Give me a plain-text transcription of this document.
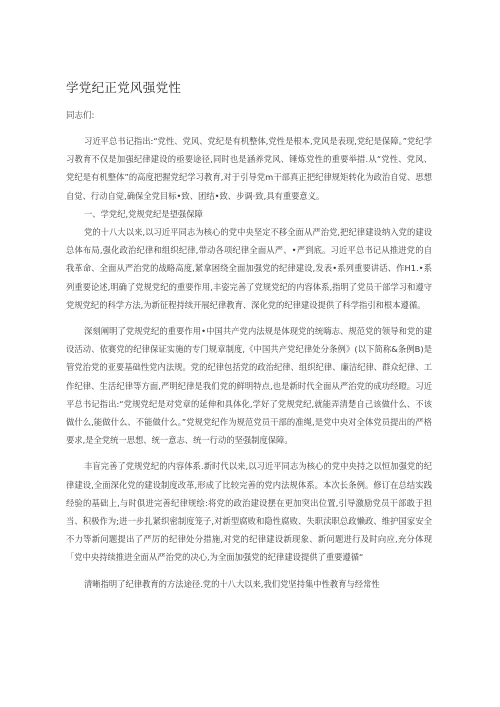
学党纪正党风强党性
同志们:

习近平总书记指出:“党性、党风、党纪是有机整体,党性是根本,党风是表现,党纪是保障。”党纪学习教育不仅是加强纪律建设的亟要途径,同时也是涵养党风、锤炼党性的重要举措.从“党性、党风、党纪是有机整体”的高度把握党纪学习教育,对于引导党m干部真正把纪律规矩转化为政治自觉、思想自觉、行动自觉,确保全党目标•致、团结•致、步调·致,具有重要意义。

一、学党纪,党规党纪是望强保障

党的十八大以来,以习近平同志为核心的党中央坚定不移全面从严治党,把纪律建设纳入党的建设总体布局,强化政治纪律和组织纪律,带动各项纪律全面从严、•严到底。习近平总书记从推进党的自我革命、全面从严治党的战略高度,紧拿困绕全面加强党的纪律建设,发表•系列重要讲话、作H1.•系列重要论述,明确了党规党纪的重要作用,丰姿完善了党规党纪的内容体系,指明了党员干部学习和遵守党规党纪的科学方法,为新征程持续开展纪律教育、深化党的纪律建设提供了科学指引和根本遵循。

深刻阐明了党规党纪的重要作用•中国共产党内法规是体现党的统嗨志、规范党的领导和党的建设活动、依赛党的纪律保证实施的专门规章制度,《中国共产党纪律处分条例》(以下简称&条例B)是管党治党的亚要基础性党内法规。党的纪律包括党的政治纪律、组织纪律、廉洁纪律、群众纪律、工作纪律、生活纪律等方面,严明纪律是我们党的鲜明特点,也是新时代全面从严治党的成功经瞪。习近平总书记指出:“党规党纪是对党章的延伸和具体化,学好了党规党纪,就能弄清楚自己该做什么、不该做什么,能做什么、不能做什么。”党规党纪作为规范党员干部的准绳,是党中央对全体党员提出的严格要求,是全党统一思想、统一意志、统一行动的坚强制度保障。

丰盲完善了党规党纪的内容体系.新时代以来,以习近平同志为核心的党中央持之以恒加强党的纪律建设,全面深化党的建设制度改革,形成了比较完善的党内法规体系。本次长条例。修订在总结实践经验的基础上,与时俱进完善纪律规绘:将党的政治建设摆在更加突出位置,引导激励党员干部敢于担当、积极作为;进一步扎紧织密制度笼子,对新型腐败和隐性腐败、失职渎职总政懒政、维护国家安全不力等新问题提出了严厉的纪律处分措施,对党的纪律建设新现象、新问题进行及时向应,充分体现「党中央持续推进全面从严治党的决心,为全面加强党的纪律建设提供了重要遵循“

清晰指明了纪律教育的方法途径.党的十八大以来,我们党坚持集中性教育与经常性
